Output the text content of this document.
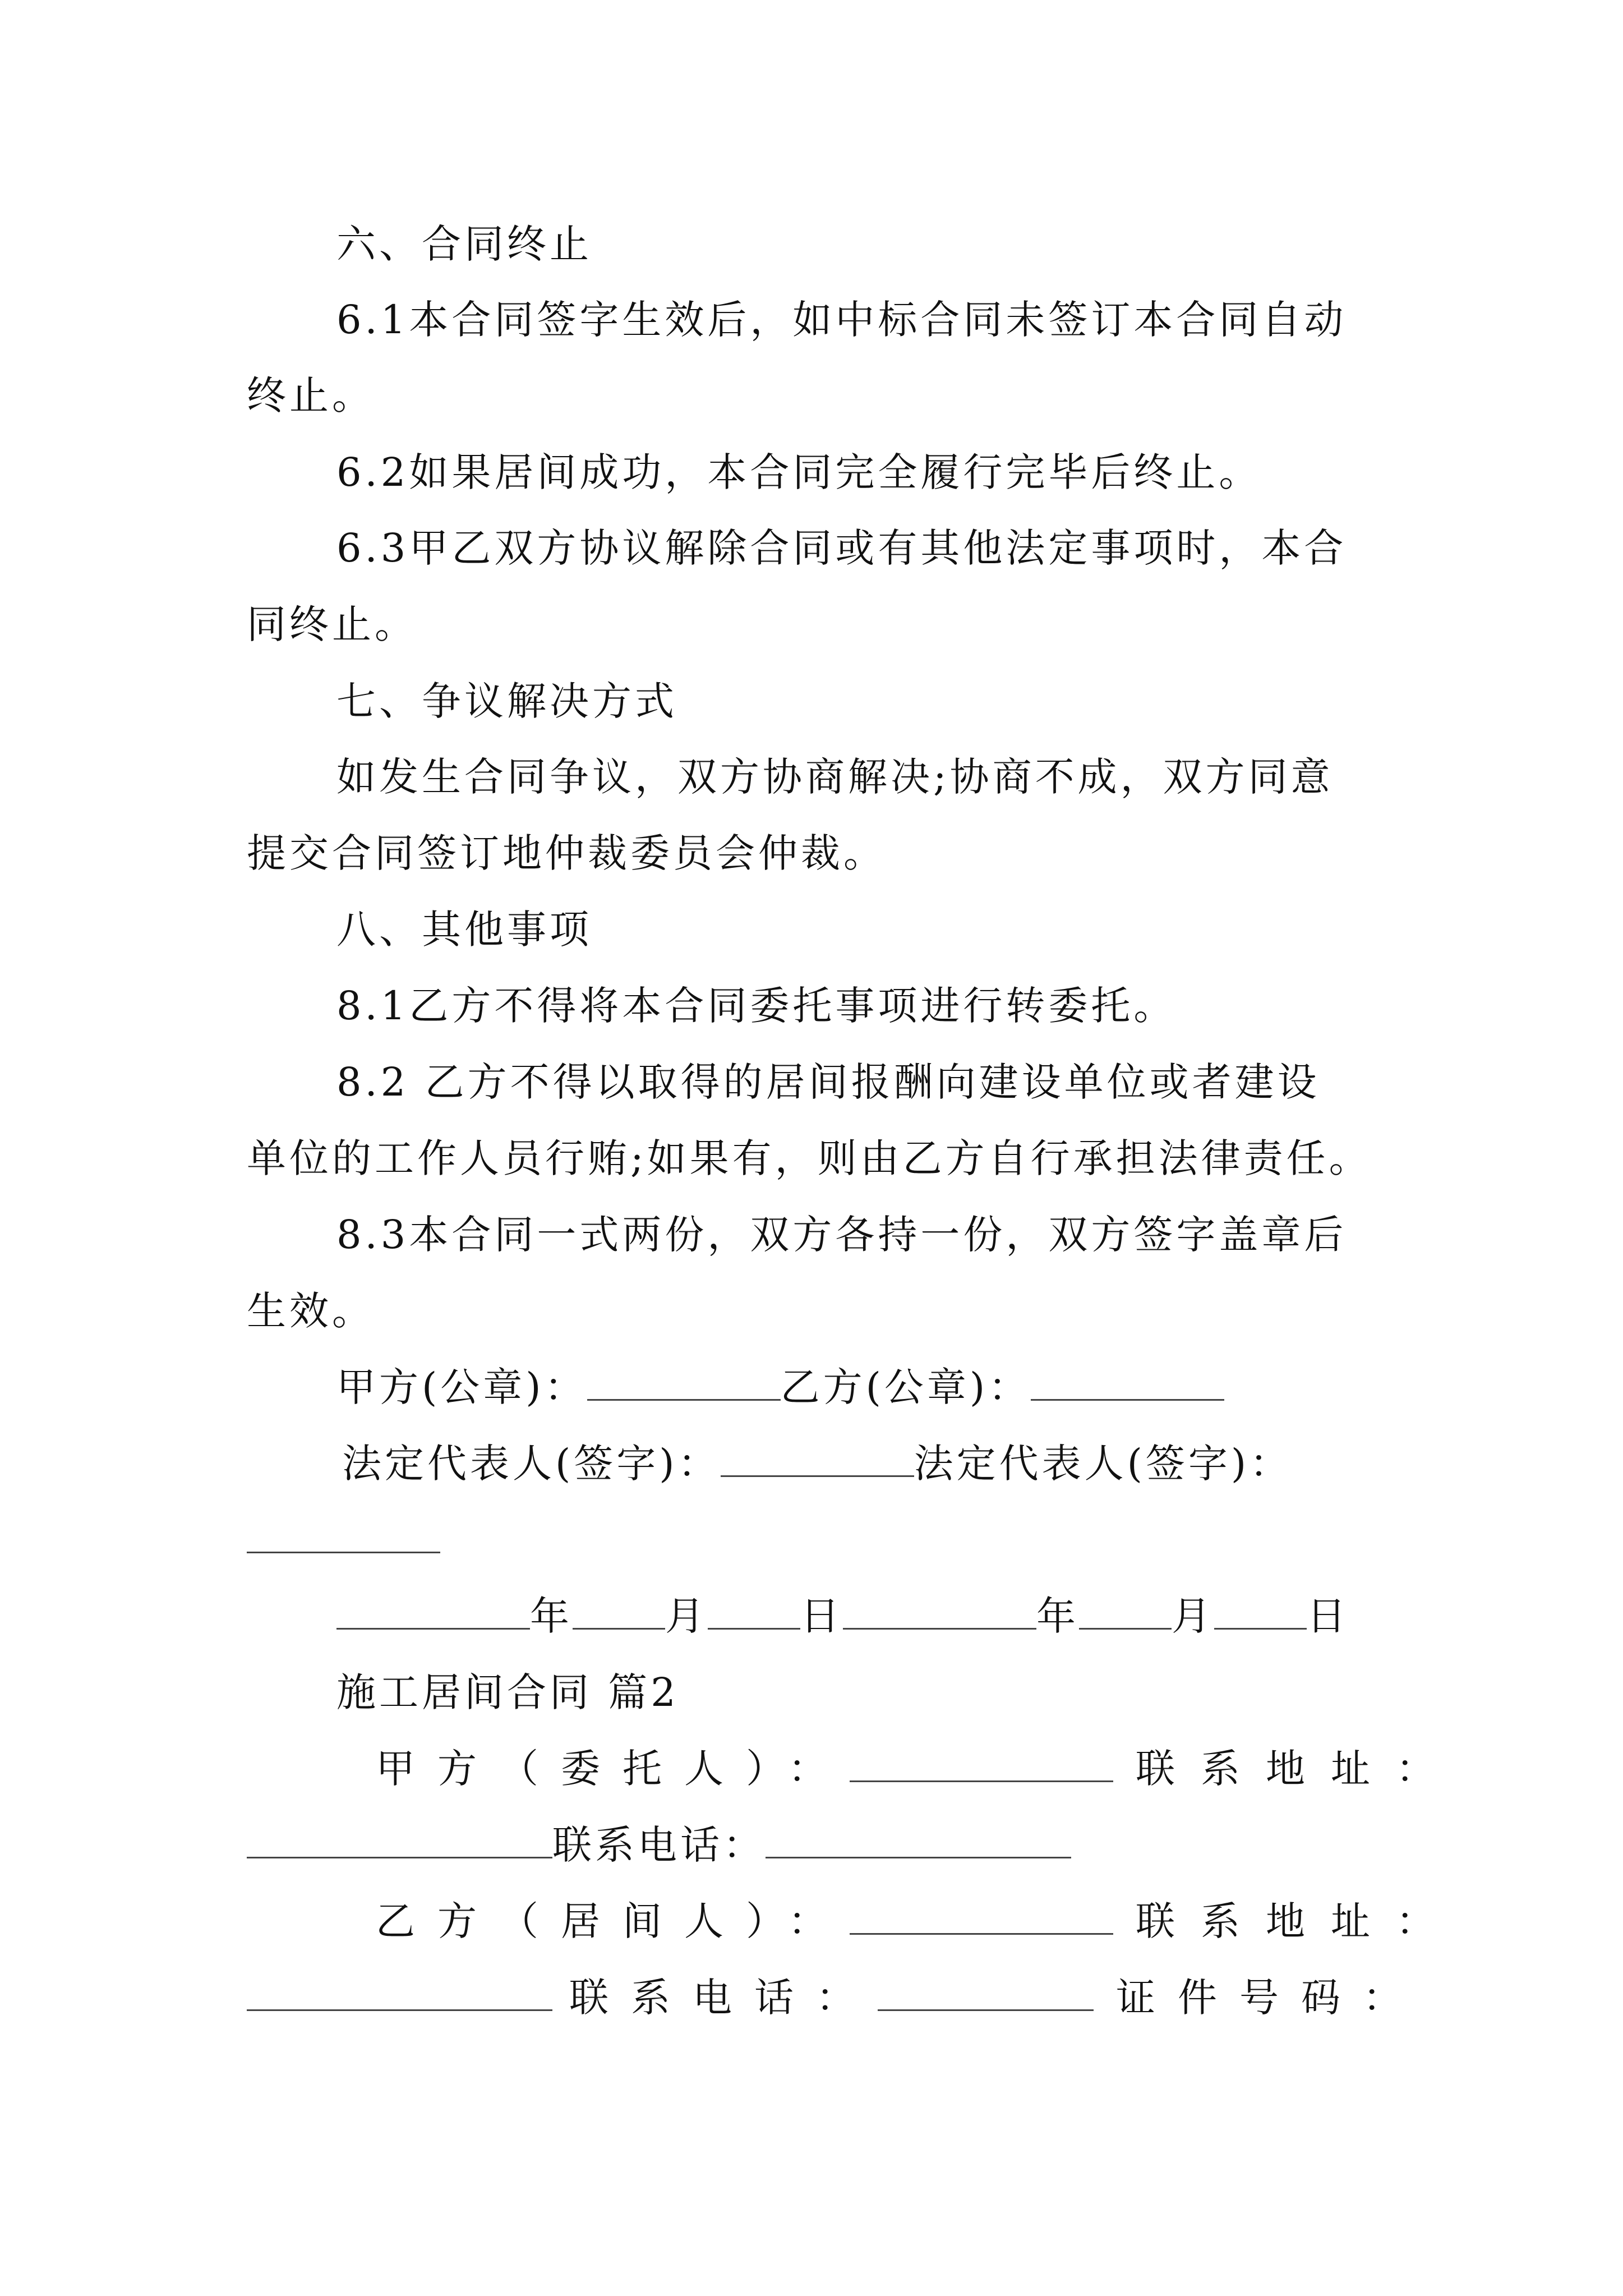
六、合同终止
6.1本合同签字生效后，如中标合同未签订本合同自动
终止。
6.2如果居间成功，本合同完全履行完毕后终止。
6.3甲乙双方协议解除合同或有其他法定事项时，本合
同终止。
七、争议解决方式
如发生合同争议，双方协商解决;协商不成，双方同意
提交合同签订地仲裁委员会仲裁。
八、其他事项
8.1乙方不得将本合同委托事项进行转委托。
8.2 乙方不得以取得的居间报酬向建设单位或者建设
单位的工作人员行贿;如果有，则由乙方自行承担法律责任。
8.3本合同一式两份，双方各持一份，双方签字盖章后
生效。
甲方(公章)：	乙方(公章)：
法定代表人(签字)：	法定代表人(签字)：
年 月 日	年 月 日
施工居间合同 篇2
甲方（委托人）：	联系地址：
联系电话：
乙方（居间人）：	联系地址：
联系电话：	证件号码：
